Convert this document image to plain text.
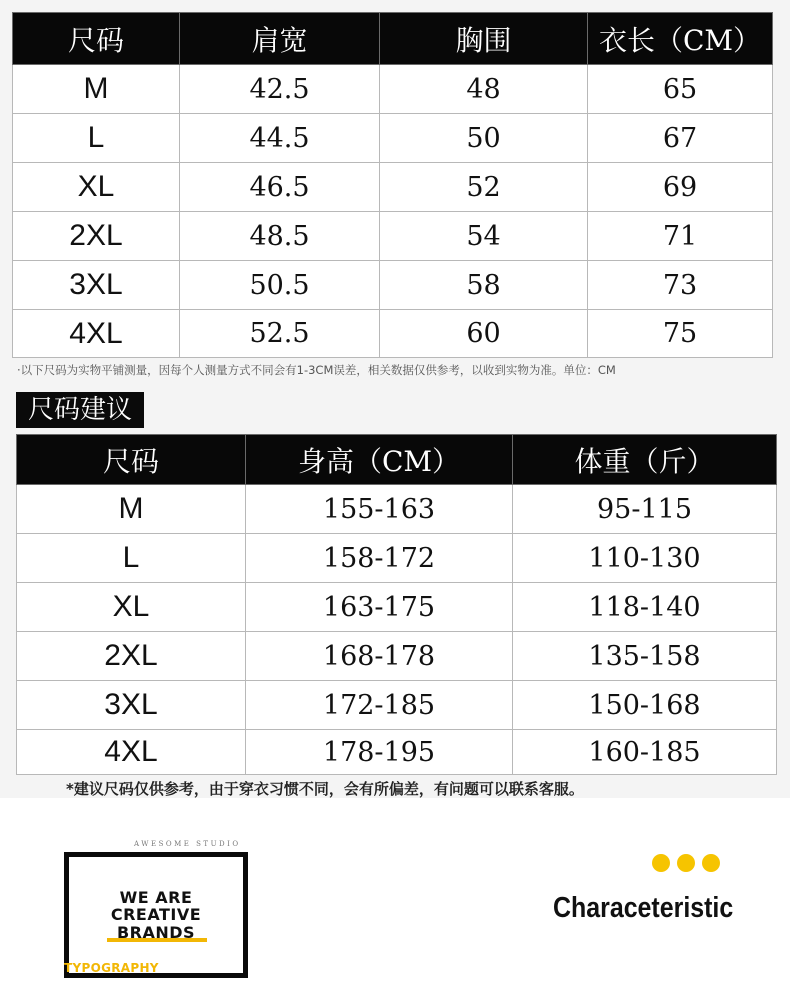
尺码	肩宽	胸围	衣长（CM）
M	42.5	48	65
L	44.5	50	67
XL	46.5	52	69
2XL	48.5	54	71
3XL	50.5	58	73
4XL	52.5	60	75
·以下尺码为实物平铺测量，因每个人测量方式不同会有1-3CM误差，相关数据仅供参考，以收到实物为准。单位：CM
尺码建议
尺码	身高（CM）	体重（斤）
M	155-163	95-115
L	158-172	110-130
XL	163-175	118-140
2XL	168-178	135-158
3XL	172-185	150-168
4XL	178-195	160-185
*建议尺码仅供参考，由于穿衣习惯不同，会有所偏差，有问题可以联系客服。
AWESOME STUDIO
WE ARE
CREATIVE
BRANDS
TYPOGRAPHY
Characeteristic
